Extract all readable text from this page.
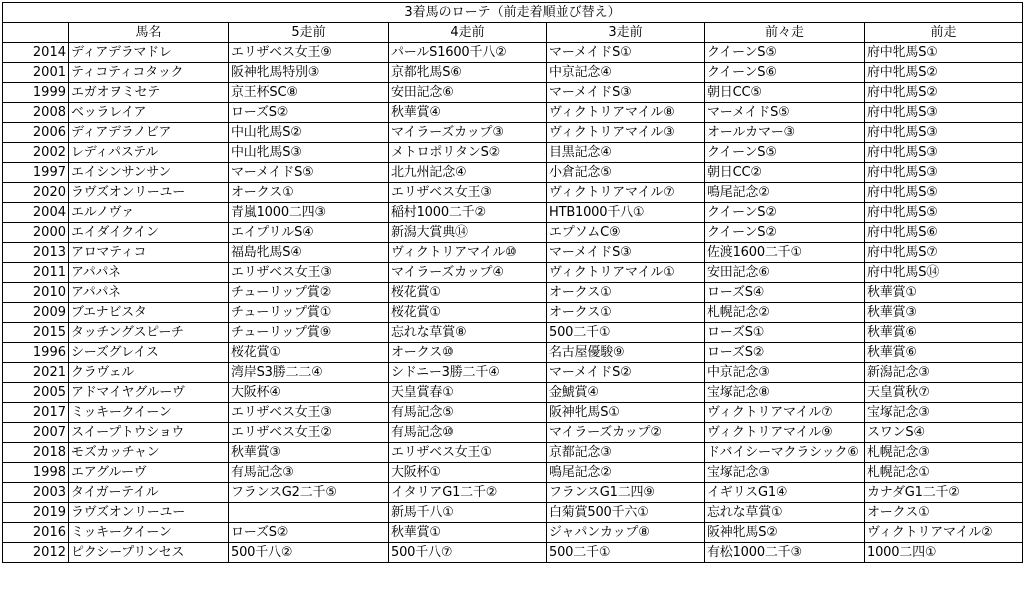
3着馬のローテ（前走着順並び替え）						
	馬名	5走前	4走前	3走前	前々走	前走
2014	ディアデラマドレ	エリザベス女王⑨	パールS1600千八②	マーメイドS①	クイーンS⑤	府中牝馬S①
2001	ティコティコタック	阪神牝馬特別③	京都牝馬S⑥	中京記念④	クイーンS⑥	府中牝馬S②
1999	エガオヲミセテ	京王杯SC⑧	安田記念⑥	マーメイドS③	朝日CC⑤	府中牝馬S②
2008	ベッラレイア	ローズS②	秋華賞④	ヴィクトリアマイル⑧	マーメイドS⑤	府中牝馬S③
2006	ディアデラノビア	中山牝馬S②	マイラーズカップ③	ヴィクトリアマイル③	オールカマー③	府中牝馬S③
2002	レディパステル	中山牝馬S③	メトロポリタンS②	目黒記念④	クイーンS⑤	府中牝馬S③
1997	エイシンサンサン	マーメイドS⑤	北九州記念④	小倉記念⑤	朝日CC②	府中牝馬S③
2020	ラヴズオンリーユー	オークス①	エリザベス女王③	ヴィクトリアマイル⑦	鳴尾記念②	府中牝馬S⑤
2004	エルノヴァ	青嵐1000二四③	稲村1000二千②	HTB1000千八①	クイーンS②	府中牝馬S⑤
2000	エイダイクイン	エイプリルS④	新潟大賞典⑭	エプソムC⑨	クイーンS②	府中牝馬S⑥
2013	アロマティコ	福島牝馬S④	ヴィクトリアマイル⑩	マーメイドS③	佐渡1600二千①	府中牝馬S⑦
2011	アパパネ	エリザベス女王③	マイラーズカップ④	ヴィクトリアマイル①	安田記念⑥	府中牝馬S⑭
2010	アパパネ	チューリップ賞②	桜花賞①	オークス①	ローズS④	秋華賞①
2009	ブエナビスタ	チューリップ賞①	桜花賞①	オークス①	札幌記念②	秋華賞③
2015	タッチングスピーチ	チューリップ賞⑨	忘れな草賞⑧	500二千①	ローズS①	秋華賞⑥
1996	シーズグレイス	桜花賞①	オークス⑩	名古屋優駿⑨	ローズS②	秋華賞⑥
2021	クラヴェル	湾岸S3勝二二④	シドニー3勝二千④	マーメイドS②	中京記念③	新潟記念③
2005	アドマイヤグルーヴ	大阪杯④	天皇賞春①	金鯱賞④	宝塚記念⑧	天皇賞秋⑦
2017	ミッキークイーン	エリザベス女王③	有馬記念⑤	阪神牝馬S①	ヴィクトリアマイル⑦	宝塚記念③
2007	スイープトウショウ	エリザベス女王②	有馬記念⑩	マイラーズカップ②	ヴィクトリアマイル⑨	スワンS④
2018	モズカッチャン	秋華賞③	エリザベス女王①	京都記念③	ドバイシーマクラシック⑥	札幌記念③
1998	エアグルーヴ	有馬記念③	大阪杯①	鳴尾記念②	宝塚記念③	札幌記念①
2003	タイガーテイル	フランスG2二千⑤	イタリアG1二千②	フランスG1二四⑨	イギリスG1④	カナダG1二千②
2019	ラヴズオンリーユー		新馬千八①	白菊賞500千六①	忘れな草賞①	オークス①
2016	ミッキークイーン	ローズS②	秋華賞①	ジャパンカップ⑧	阪神牝馬S②	ヴィクトリアマイル②
2012	ピクシープリンセス	500千八②	500千八⑦	500二千①	有松1000二千③	1000二四①
